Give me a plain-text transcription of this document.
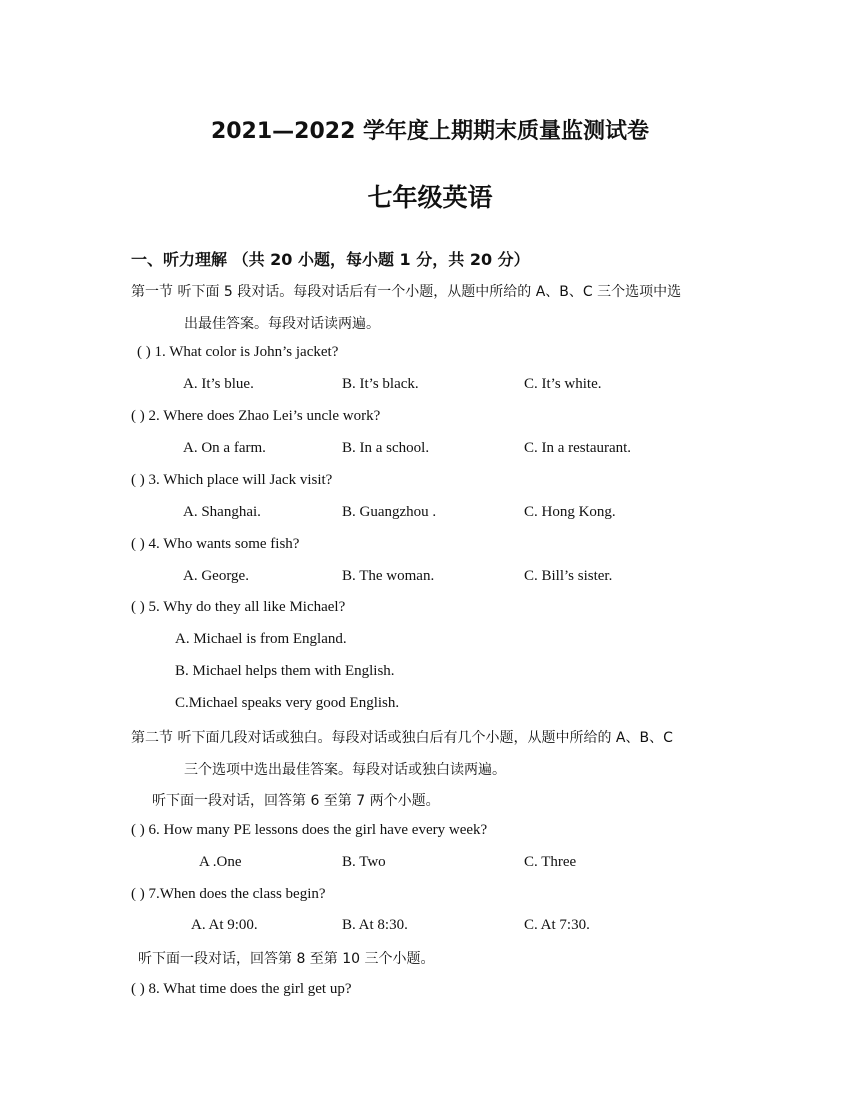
2021—2022 学年度上期期末质量监测试卷
七年级英语
一、听力理解 （共 20 小题，每小题 1 分，共 20 分）
第一节 听下面 5 段对话。每段对话后有一个小题，从题中所给的 A、B、C 三个选项中选
出最佳答案。每段对话读两遍。
( ) 1. What color is John’s jacket?
A. It’s blue.	B. It’s black.	C. It’s white.
( ) 2. Where does Zhao Lei’s uncle work?
A. On a farm.	B. In a school.	C. In a restaurant.
( ) 3. Which place will Jack visit?
A. Shanghai.	B. Guangzhou .	C. Hong Kong.
( ) 4. Who wants some fish?
A. George.	B. The woman.	C. Bill’s sister.
( ) 5. Why do they all like Michael?
A. Michael is from England.
B. Michael helps them with English.
C.Michael speaks very good English.
第二节 听下面几段对话或独白。每段对话或独白后有几个小题，从题中所给的 A、B、C
三个选项中选出最佳答案。每段对话或独白读两遍。
听下面一段对话，回答第 6 至第 7 两个小题。
( ) 6. How many PE lessons does the girl have every week?
A .One	B. Two	C. Three
( ) 7.When does the class begin?
A. At 9:00.	B. At 8:30.	C. At 7:30.
听下面一段对话，回答第 8 至第 10 三个小题。
( ) 8. What time does the girl get up?
